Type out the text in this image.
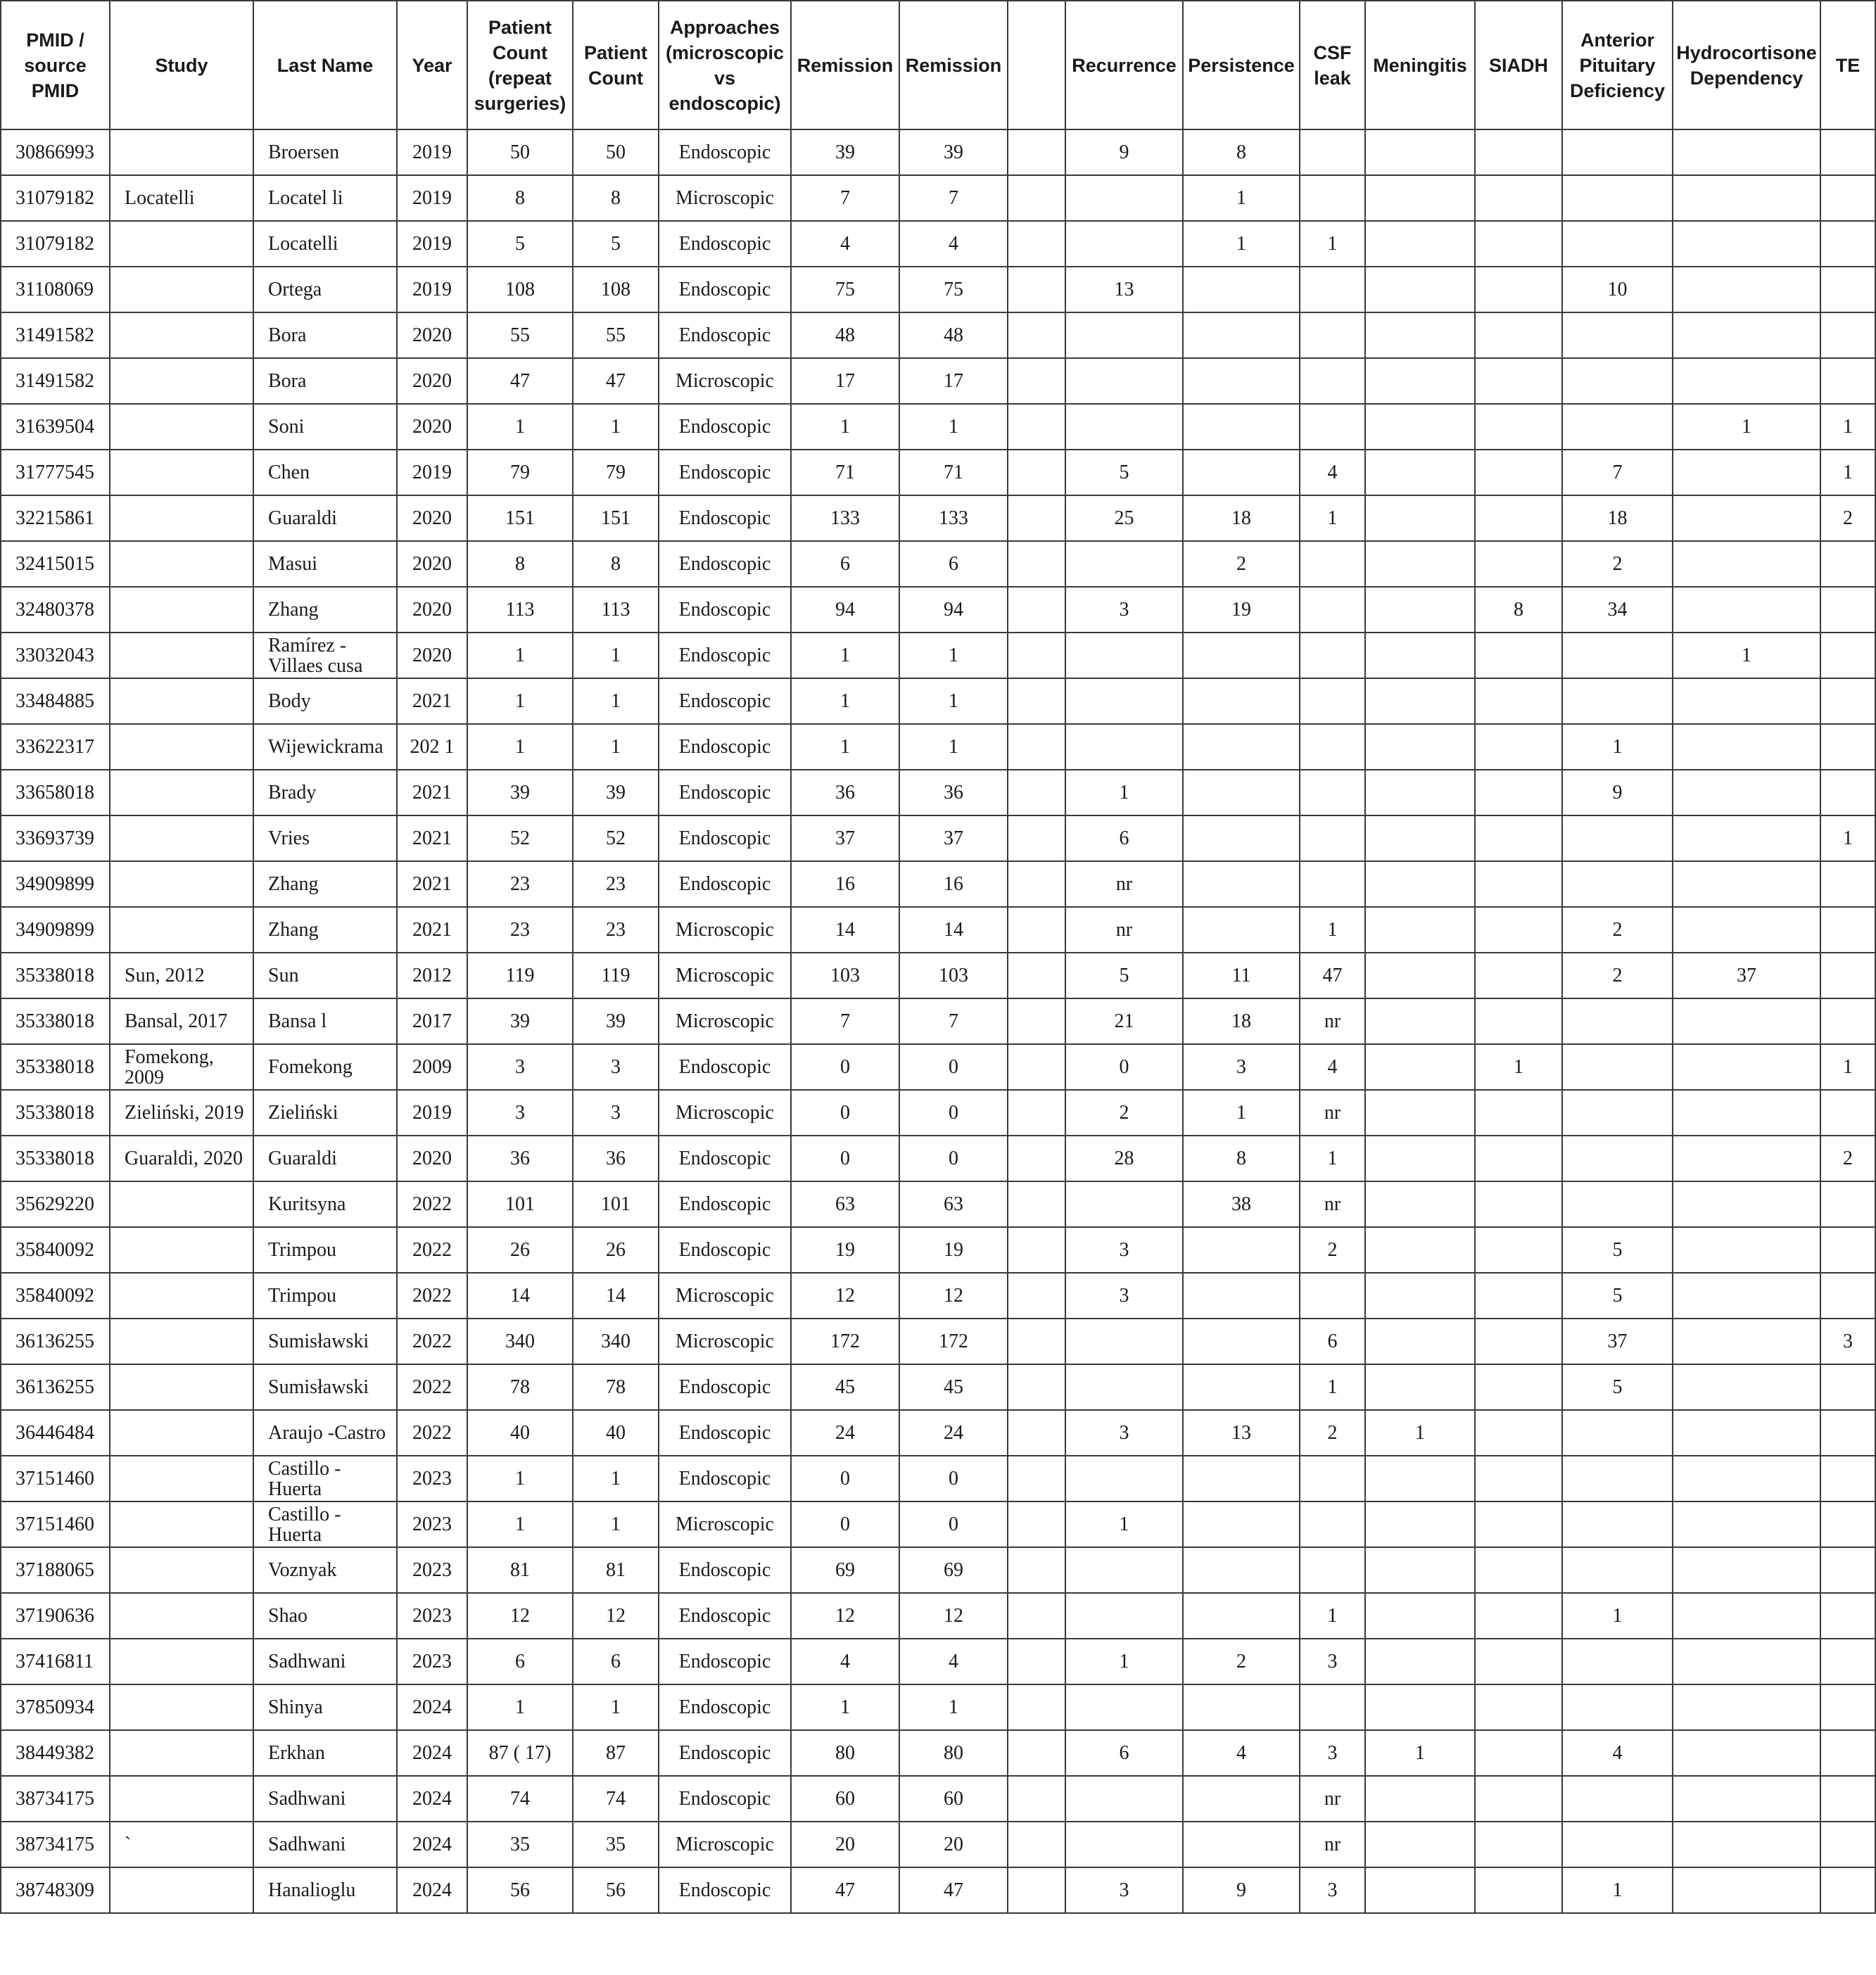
PMID / source PMID	Study	Last Name	Year	Patient Count (repeat surgeries)	Patient Count	Approaches (microscopic vs endoscopic)	Remission	Remission		Recurrence	Persistence	CSF leak	Meningitis	SIADH	Anterior Pituitary Deficiency	Hydrocortisone Dependency	TE
30866993		Broersen	2019	50	50	Endoscopic	39	39		9	8						
31079182	Locatelli	Locatel li	2019	8	8	Microscopic	7	7			1						
31079182		Locatelli	2019	5	5	Endoscopic	4	4			1	1					
31108069		Ortega	2019	108	108	Endoscopic	75	75		13					10		
31491582		Bora	2020	55	55	Endoscopic	48	48									
31491582		Bora	2020	47	47	Microscopic	17	17									
31639504		Soni	2020	1	1	Endoscopic	1	1								1	1
31777545		Chen	2019	79	79	Endoscopic	71	71		5		4			7		1
32215861		Guaraldi	2020	151	151	Endoscopic	133	133		25	18	1			18		2
32415015		Masui	2020	8	8	Endoscopic	6	6			2				2		
32480378		Zhang	2020	113	113	Endoscopic	94	94		3	19			8	34		
33032043		Ramírez - Villaes cusa	2020	1	1	Endoscopic	1	1								1	
33484885		Body	2021	1	1	Endoscopic	1	1									
33622317		Wijewickrama	202 1	1	1	Endoscopic	1	1							1		
33658018		Brady	2021	39	39	Endoscopic	36	36		1					9		
33693739		Vries	2021	52	52	Endoscopic	37	37		6							1
34909899		Zhang	2021	23	23	Endoscopic	16	16		nr							
34909899		Zhang	2021	23	23	Microscopic	14	14		nr		1			2		
35338018	Sun, 2012	Sun	2012	119	119	Microscopic	103	103		5	11	47			2	37	
35338018	Bansal, 2017	Bansa l	2017	39	39	Microscopic	7	7		21	18	nr					
35338018	Fomekong, 2009	Fomekong	2009	3	3	Endoscopic	0	0		0	3	4		1			1
35338018	Zieliński, 2019	Zieliński	2019	3	3	Microscopic	0	0		2	1	nr					
35338018	Guaraldi, 2020	Guaraldi	2020	36	36	Endoscopic	0	0		28	8	1					2
35629220		Kuritsyna	2022	101	101	Endoscopic	63	63			38	nr					
35840092		Trimpou	2022	26	26	Endoscopic	19	19		3		2			5		
35840092		Trimpou	2022	14	14	Microscopic	12	12		3					5		
36136255		Sumisławski	2022	340	340	Microscopic	172	172				6			37		3
36136255		Sumisławski	2022	78	78	Endoscopic	45	45				1			5		
36446484		Araujo -Castro	2022	40	40	Endoscopic	24	24		3	13	2	1				
37151460		Castillo - Huerta	2023	1	1	Endoscopic	0	0									
37151460		Castillo - Huerta	2023	1	1	Microscopic	0	0		1							
37188065		Voznyak	2023	81	81	Endoscopic	69	69									
37190636		Shao	2023	12	12	Endoscopic	12	12				1			1		
37416811		Sadhwani	2023	6	6	Endoscopic	4	4		1	2	3					
37850934		Shinya	2024	1	1	Endoscopic	1	1									
38449382		Erkhan	2024	87 ( 17)	87	Endoscopic	80	80		6	4	3	1		4		
38734175		Sadhwani	2024	74	74	Endoscopic	60	60				nr					
38734175	`	Sadhwani	2024	35	35	Microscopic	20	20				nr					
38748309		Hanalioglu	2024	56	56	Endoscopic	47	47		3	9	3			1		
